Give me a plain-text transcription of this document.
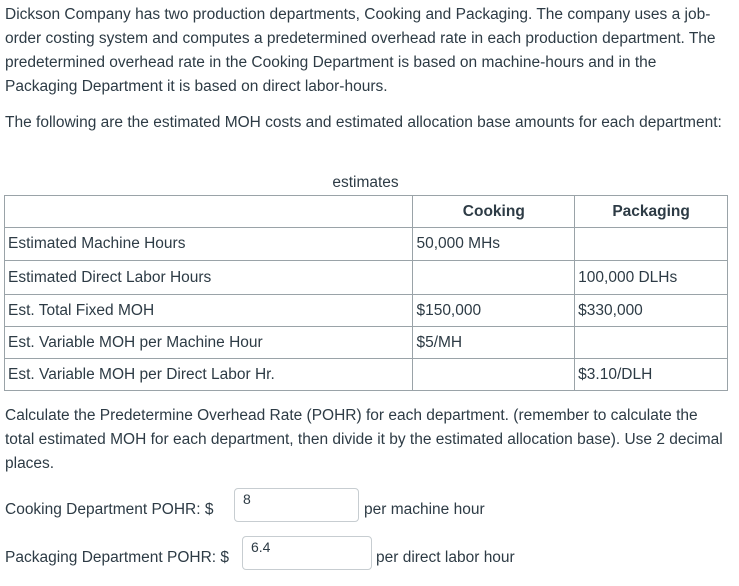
Dickson Company has two production departments, Cooking and Packaging. The company uses a job-order costing system and computes a predetermined overhead rate in each production department. The predetermined overhead rate in the Cooking Department is based on machine-hours and in the Packaging Department it is based on direct labor-hours.

The following are the estimated MOH costs and estimated allocation base amounts for each department:

estimates
	Cooking	Packaging
Estimated Machine Hours	50,000 MHs	
Estimated Direct Labor Hours		100,000 DLHs
Est. Total Fixed MOH	$150,000	$330,000
Est. Variable MOH per Machine Hour	$5/MH	
Est. Variable MOH per Direct Labor Hr.		$3.10/DLH

Calculate the Predetermine Overhead Rate (POHR) for each department. (remember to calculate the total estimated MOH for each department, then divide it by the estimated allocation base). Use 2 decimal places.

Cooking Department POHR: $
8	per machine hour
Packaging Department POHR: $
6.4	per direct labor hour
